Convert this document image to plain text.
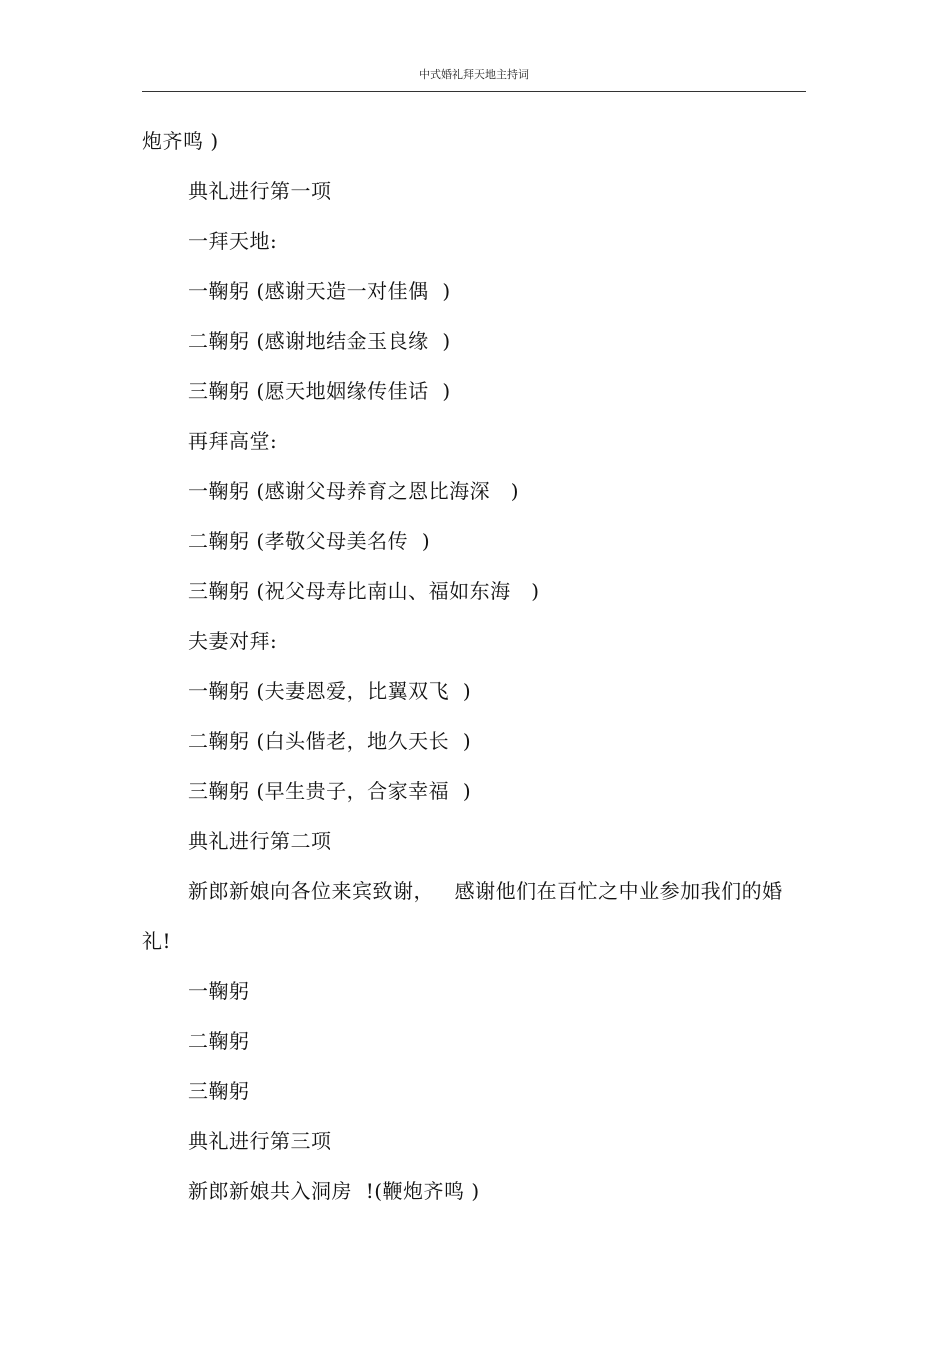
中式婚礼拜天地主持词
炮齐鸣 )
典礼进行第一项
一拜天地:
一鞠躬 (感谢天造一对佳偶  )
二鞠躬 (感谢地结金玉良缘  )
三鞠躬 (愿天地姻缘传佳话  )
再拜高堂:
一鞠躬 (感谢父母养育之恩比海深   )
二鞠躬 (孝敬父母美名传  )
三鞠躬 (祝父母寿比南山、福如东海   )
夫妻对拜:
一鞠躬 (夫妻恩爱，比翼双飞  )
二鞠躬 (白头偕老，地久天长  )
三鞠躬 (早生贵子，合家幸福  )
典礼进行第二项
新郎新娘向各位来宾致谢，   感谢他们在百忙之中业参加我们的婚
礼!
一鞠躬
二鞠躬
三鞠躬
典礼进行第三项
新郎新娘共入洞房  !(鞭炮齐鸣 )
